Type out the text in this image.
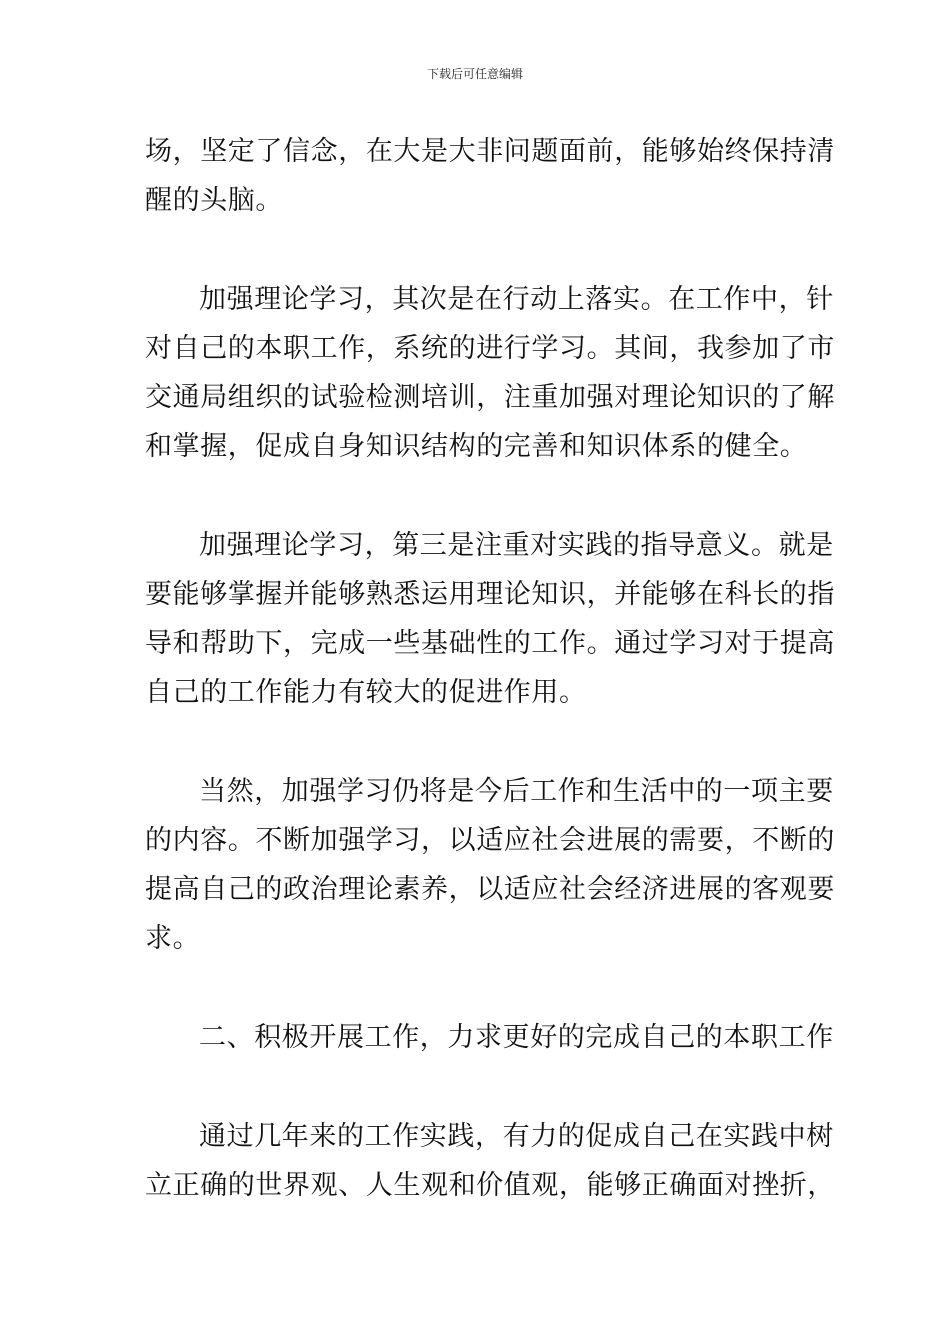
下载后可任意编辑
场，坚定了信念，在大是大非问题面前，能够始终保持清
醒的头脑。
加强理论学习，其次是在行动上落实。在工作中，针
对自己的本职工作，系统的进行学习。其间，我参加了市
交通局组织的试验检测培训，注重加强对理论知识的了解
和掌握，促成自身知识结构的完善和知识体系的健全。
加强理论学习，第三是注重对实践的指导意义。就是
要能够掌握并能够熟悉运用理论知识，并能够在科长的指
导和帮助下，完成一些基础性的工作。通过学习对于提高
自己的工作能力有较大的促进作用。
当然，加强学习仍将是今后工作和生活中的一项主要
的内容。不断加强学习，以适应社会进展的需要，不断的
提高自己的政治理论素养，以适应社会经济进展的客观要
求。
二、积极开展工作，力求更好的完成自己的本职工作
通过几年来的工作实践，有力的促成自己在实践中树
立正确的世界观、人生观和价值观，能够正确面对挫折，
